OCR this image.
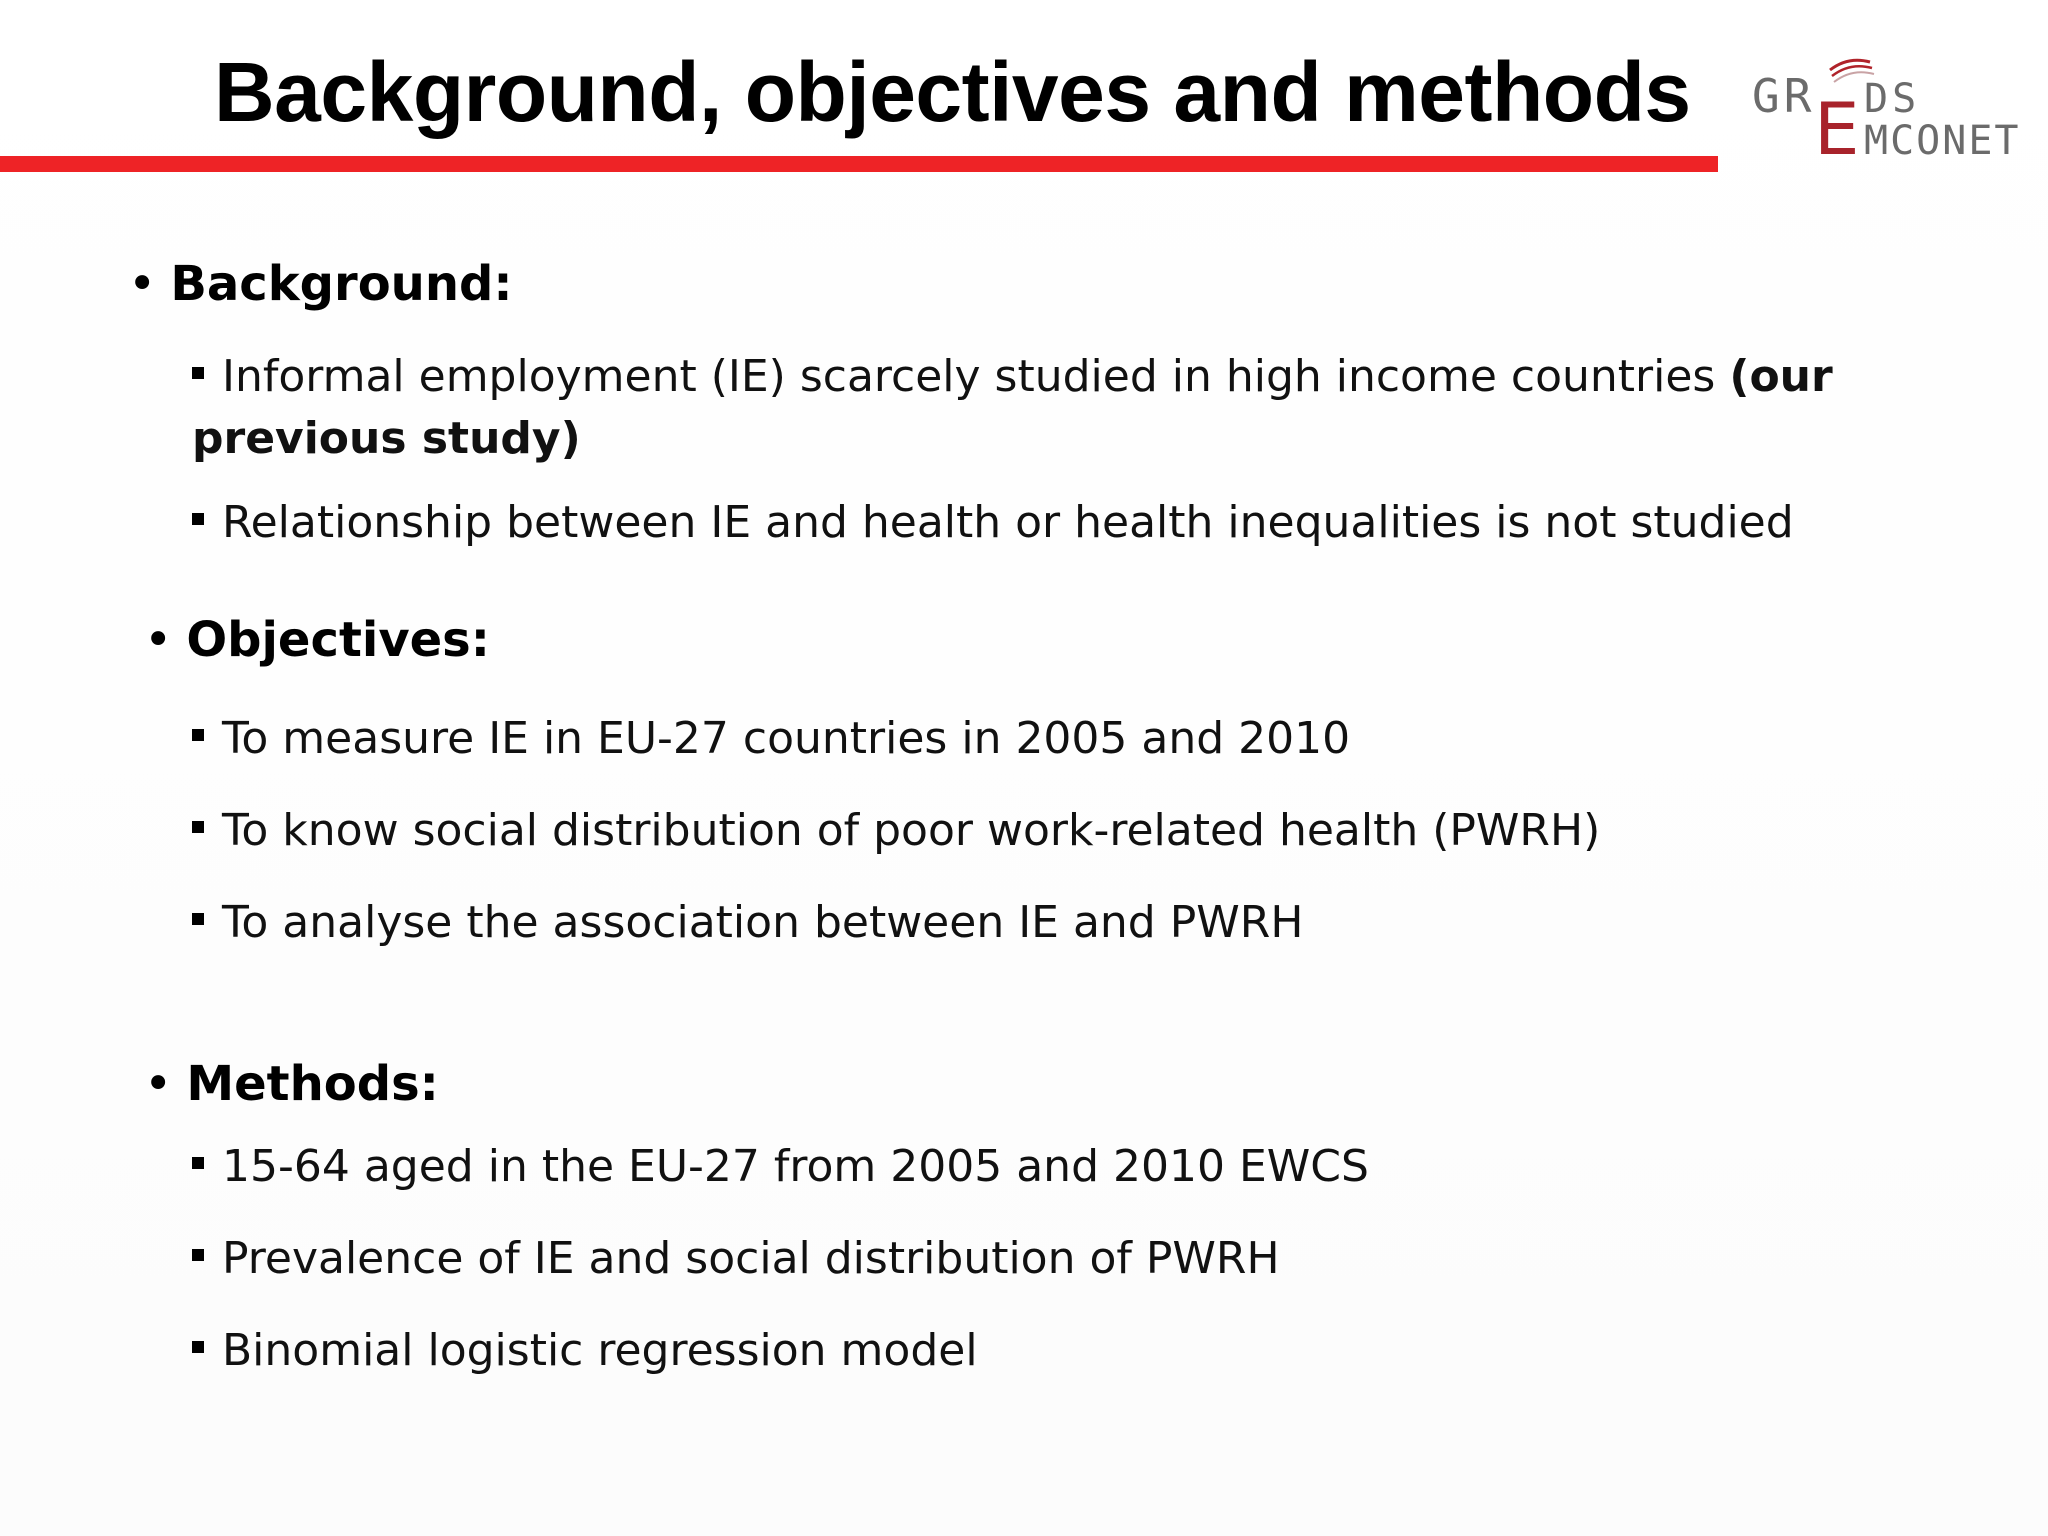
Background, objectives and methods GR
E DS
MCONET
• Background:
Informal employment (IE) scarcely studied in high income countries (our previous study)
Relationship between IE and health or health inequalities is not studied
• Objectives:
To measure IE in EU-27 countries in 2005 and 2010
To know social distribution of poor work-related health (PWRH)
To analyse the association between IE and PWRH
• Methods:
15-64 aged in the EU-27 from 2005 and 2010 EWCS
Prevalence of IE and social distribution of PWRH
Binomial logistic regression model
